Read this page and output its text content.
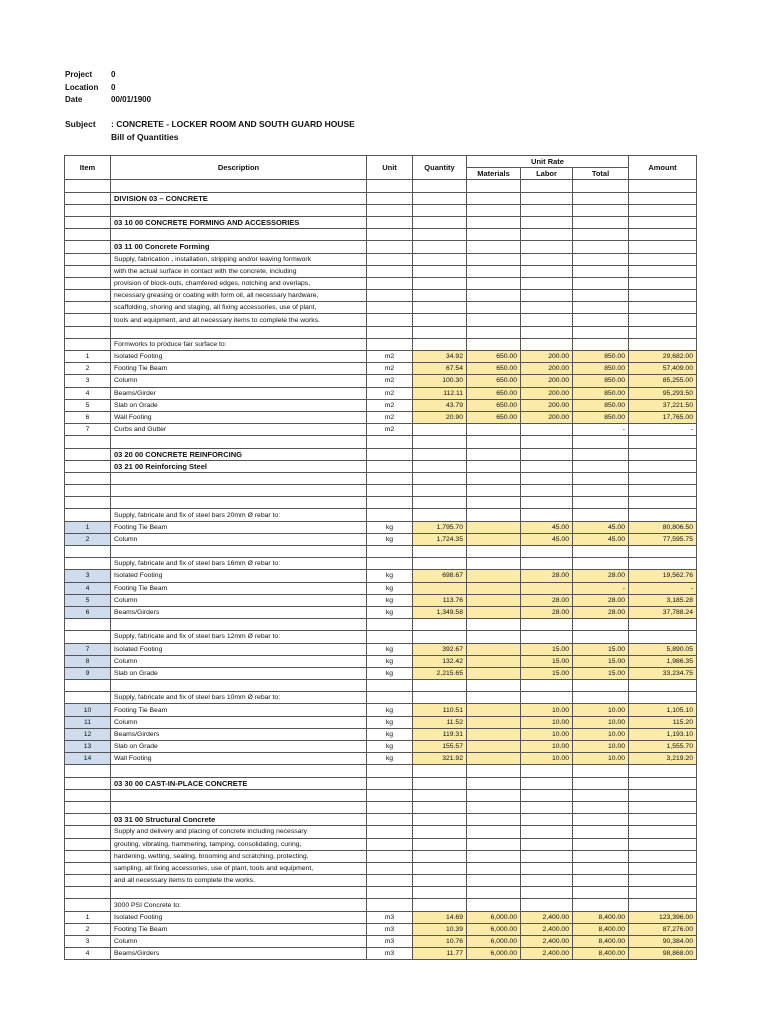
Project	0
Location	0
Date	00/01/1900
Subject	: CONCRETE - LOCKER ROOM AND SOUTH GUARD HOUSE
Bill of Quantities
Item	Description	Unit	Quantity	Unit Rate			Amount
				Materials	Labor	Total	

	DIVISION 03 – CONCRETE						

	03 10 00 CONCRETE FORMING AND ACCESSORIES						

	03 11 00 Concrete Forming						
	Supply, fabrication , installation, stripping and/or leaving formwork						
	with the actual surface in contact with the concrete, including						
	provision of block-outs, chamfered edges, notching and overlaps,						
	necessary greasing or coating with form oil, all necessary hardware,						
	scaffolding, shoring and staging, all fixing accessories, use of plant,						
	tools and equipment, and all necessary items to complete the works.						

	Formworks to produce fair surface to:						
1	Isolated Footing	m2	34.92	650.00	200.00	850.00	29,682.00
2	Footing Tie Beam	m2	67.54	650.00	200.00	850.00	57,409.00
3	Column	m2	100.30	650.00	200.00	850.00	85,255.00
4	Beams/Girder	m2	112.11	650.00	200.00	850.00	95,293.50
5	Slab on Grade	m2	43.79	650.00	200.00	850.00	37,221.50
6	Wall Footing	m2	20.90	650.00	200.00	850.00	17,765.00
7	Curbs and Gutter	m2				-	-

	03 20 00 CONCRETE REINFORCING						
	03 21 00 Reinforcing Steel						

	Supply, fabricate and fix of steel bars 20mm Ø rebar to:						
1	Footing Tie Beam	kg	1,795.70		45.00	45.00	80,806.50
2	Column	kg	1,724.35		45.00	45.00	77,595.75

	Supply, fabricate and fix of steel bars 16mm Ø rebar to:						
3	Isolated Footing	kg	698.67		28.00	28.00	19,562.76
4	Footing Tie Beam	kg				-	-
5	Column	kg	113.76		28.00	28.00	3,185.28
6	Beams/Girders	kg	1,349.58		28.00	28.00	37,788.24

	Supply, fabricate and fix of steel bars 12mm Ø rebar to:						
7	Isolated Footing	kg	392.67		15.00	15.00	5,890.05
8	Column	kg	132.42		15.00	15.00	1,986.35
9	Slab on Grade	kg	2,215.65		15.00	15.00	33,234.75

	Supply, fabricate and fix of steel bars 10mm Ø rebar to:						
10	Footing Tie Beam	kg	110.51		10.00	10.00	1,105.10
11	Column	kg	11.52		10.00	10.00	115.20
12	Beams/Girders	kg	119.31		10.00	10.00	1,193.10
13	Slab on Grade	kg	155.57		10.00	10.00	1,555.70
14	Wall Footing	kg	321.92		10.00	10.00	3,219.20

	03 30 00 CAST-IN-PLACE CONCRETE						

	03 31 00 Structural Concrete						
	Supply and delivery and placing of concrete including necessary						
	grouting, vibrating, hammering, tamping, consolidating, curing,						
	hardening, wetting, sealing, brooming and scratching, protecting,						
	sampling, all fixing accessories, use of plant, tools and equipment,						
	and all necessary items to complete the works.						

	3000 PSI Concrete to:						
1	Isolated Footing	m3	14.69	6,000.00	2,400.00	8,400.00	123,396.00
2	Footing Tie Beam	m3	10.39	6,000.00	2,400.00	8,400.00	87,276.00
3	Column	m3	10.76	6,000.00	2,400.00	8,400.00	90,384.00
4	Beams/Girders	m3	11.77	6,000.00	2,400.00	8,400.00	98,868.00
